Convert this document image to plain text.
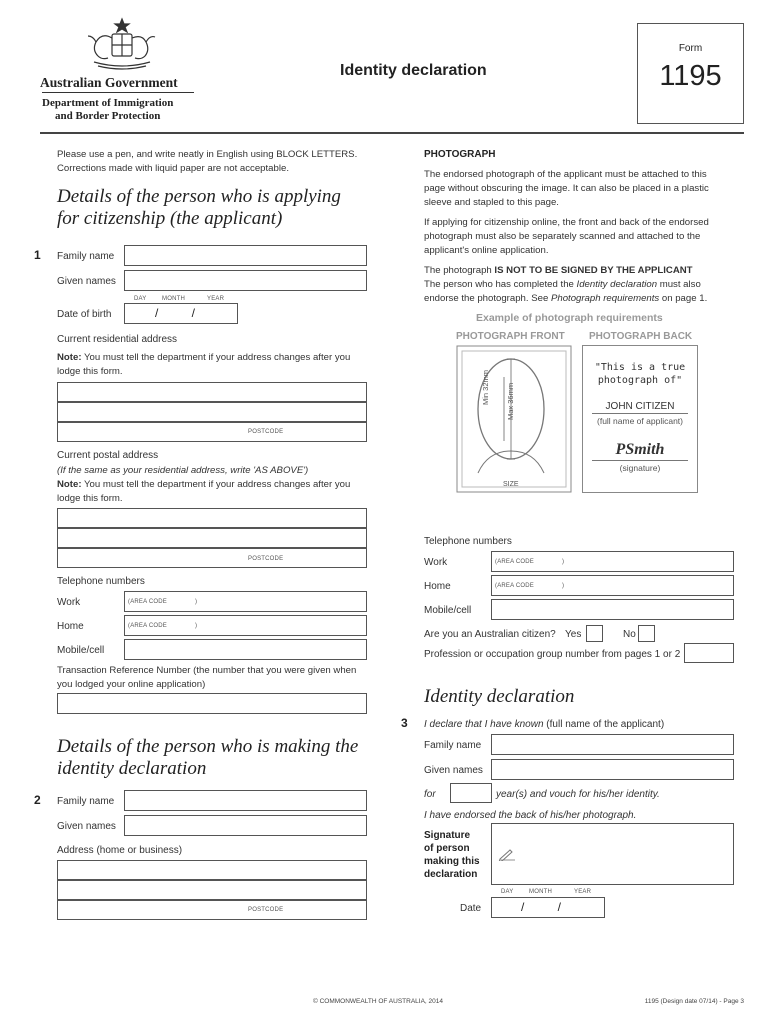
Australian Government
Department of Immigration
and Border Protection
Identity declaration
Form
1195
Please use a pen, and write neatly in English using BLOCK LETTERS.
Corrections made with liquid paper are not acceptable.
Details of the person who is applying
for citizenship (the applicant)
1 Family name
Given names
DAY	MONTH	YEAR
Date of birth	/          /
Current residential address
Note: You must tell the department if your address changes after you
lodge this form.
POSTCODE
Current postal address
(If the same as your residential address, write 'AS ABOVE')
Note: You must tell the department if your address changes after you
lodge this form.
POSTCODE
Telephone numbers
Work	(AREA CODE               )
Home	(AREA CODE               )
Mobile/cell
Transaction Reference Number (the number that you were given when
you lodged your online application)
Details of the person who is making the
identity declaration
2 Family name
Given names
Address (home or business)
POSTCODE
PHOTOGRAPH
The endorsed photograph of the applicant must be attached to this
page without obscuring the image. It can also be placed in a plastic
sleeve and stapled to this page.
If applying for citizenship online, the front and back of the endorsed
photograph must also be separately scanned and attached to the
applicant's online application.
The photograph IS NOT TO BE SIGNED BY THE APPLICANT
The person who has completed the Identity declaration must also
endorse the photograph. See Photograph requirements on page 1.
Example of photograph requirements
PHOTOGRAPH FRONT PHOTOGRAPH BACK
Min 32mm Max 36mm
SIZE
"This is a true
photograph of"
JOHN CITIZEN
(full name of applicant)
PSmith
(signature)
Telephone numbers
Work	(AREA CODE               )
Home	(AREA CODE               )
Mobile/cell
Are you an Australian citizen? Yes	No
Profession or occupation group number from pages 1 or 2
Identity declaration
3 I declare that I have known (full name of the applicant)
Family name
Given names
for	year(s) and vouch for his/her identity.
I have endorsed the back of his/her photograph.
Signature
of person
making this
declaration
DAY	MONTH	YEAR
Date	/          /
© COMMONWEALTH OF AUSTRALIA, 2014	1195 (Design date 07/14) - Page 3
